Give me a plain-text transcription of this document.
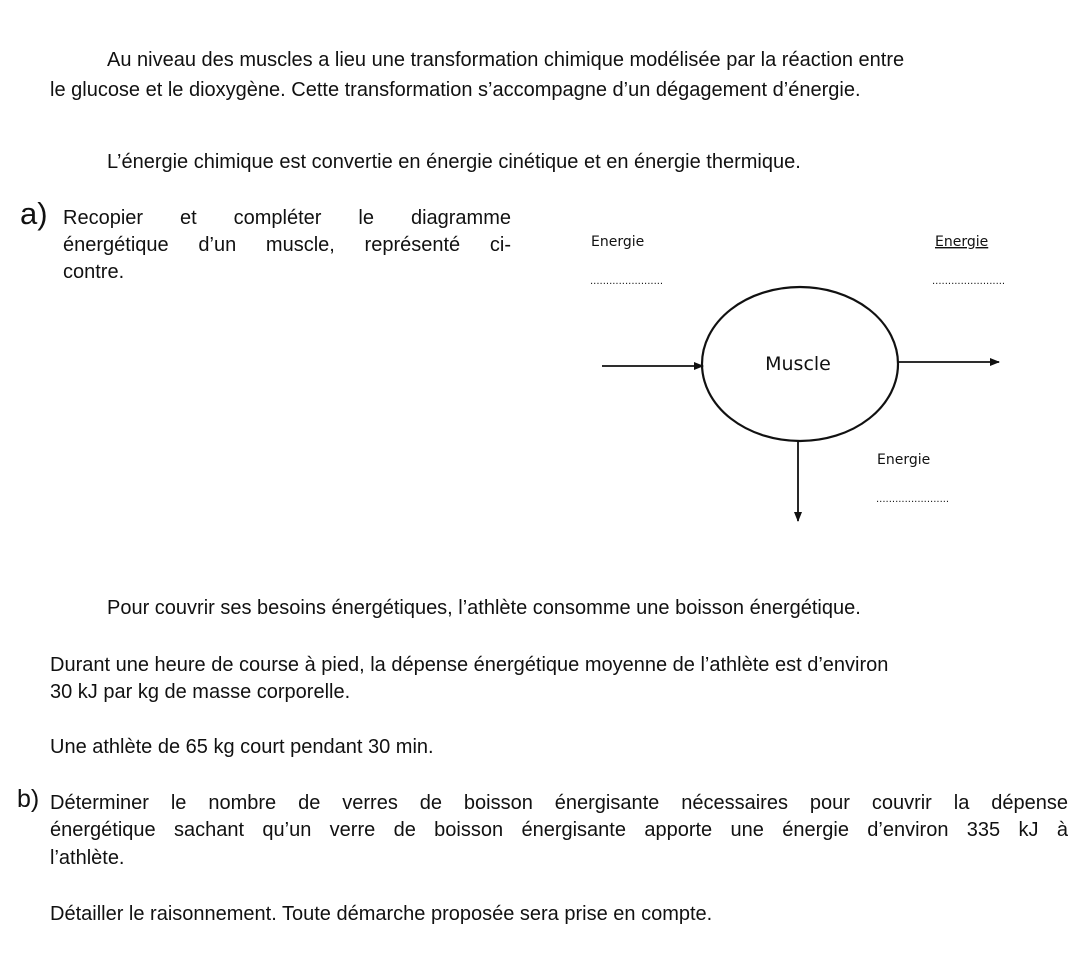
Au niveau des muscles a lieu une transformation chimique modélisée par la réaction entre

le glucose et le dioxygène. Cette transformation s’accompagne d’un dégagement d’énergie.

L’énergie chimique est convertie en énergie cinétique et en énergie thermique.

a) Recopier et compléter le diagramme

énergétique d’un muscle, représenté ci-

contre.

Energie
.......................
Energie
.......................
Muscle
Energie
.......................

Pour couvrir ses besoins énergétiques, l’athlète consomme une boisson énergétique.

Durant une heure de course à pied, la dépense énergétique moyenne de l’athlète est d’environ

30 kJ par kg de masse corporelle.

Une athlète de 65 kg court pendant 30 min.

b) Déterminer le nombre de verres de boisson énergisante nécessaires pour couvrir la dépense

énergétique sachant qu’un verre de boisson énergisante apporte une énergie d’environ 335 kJ à

l’athlète.

Détailler le raisonnement. Toute démarche proposée sera prise en compte.
